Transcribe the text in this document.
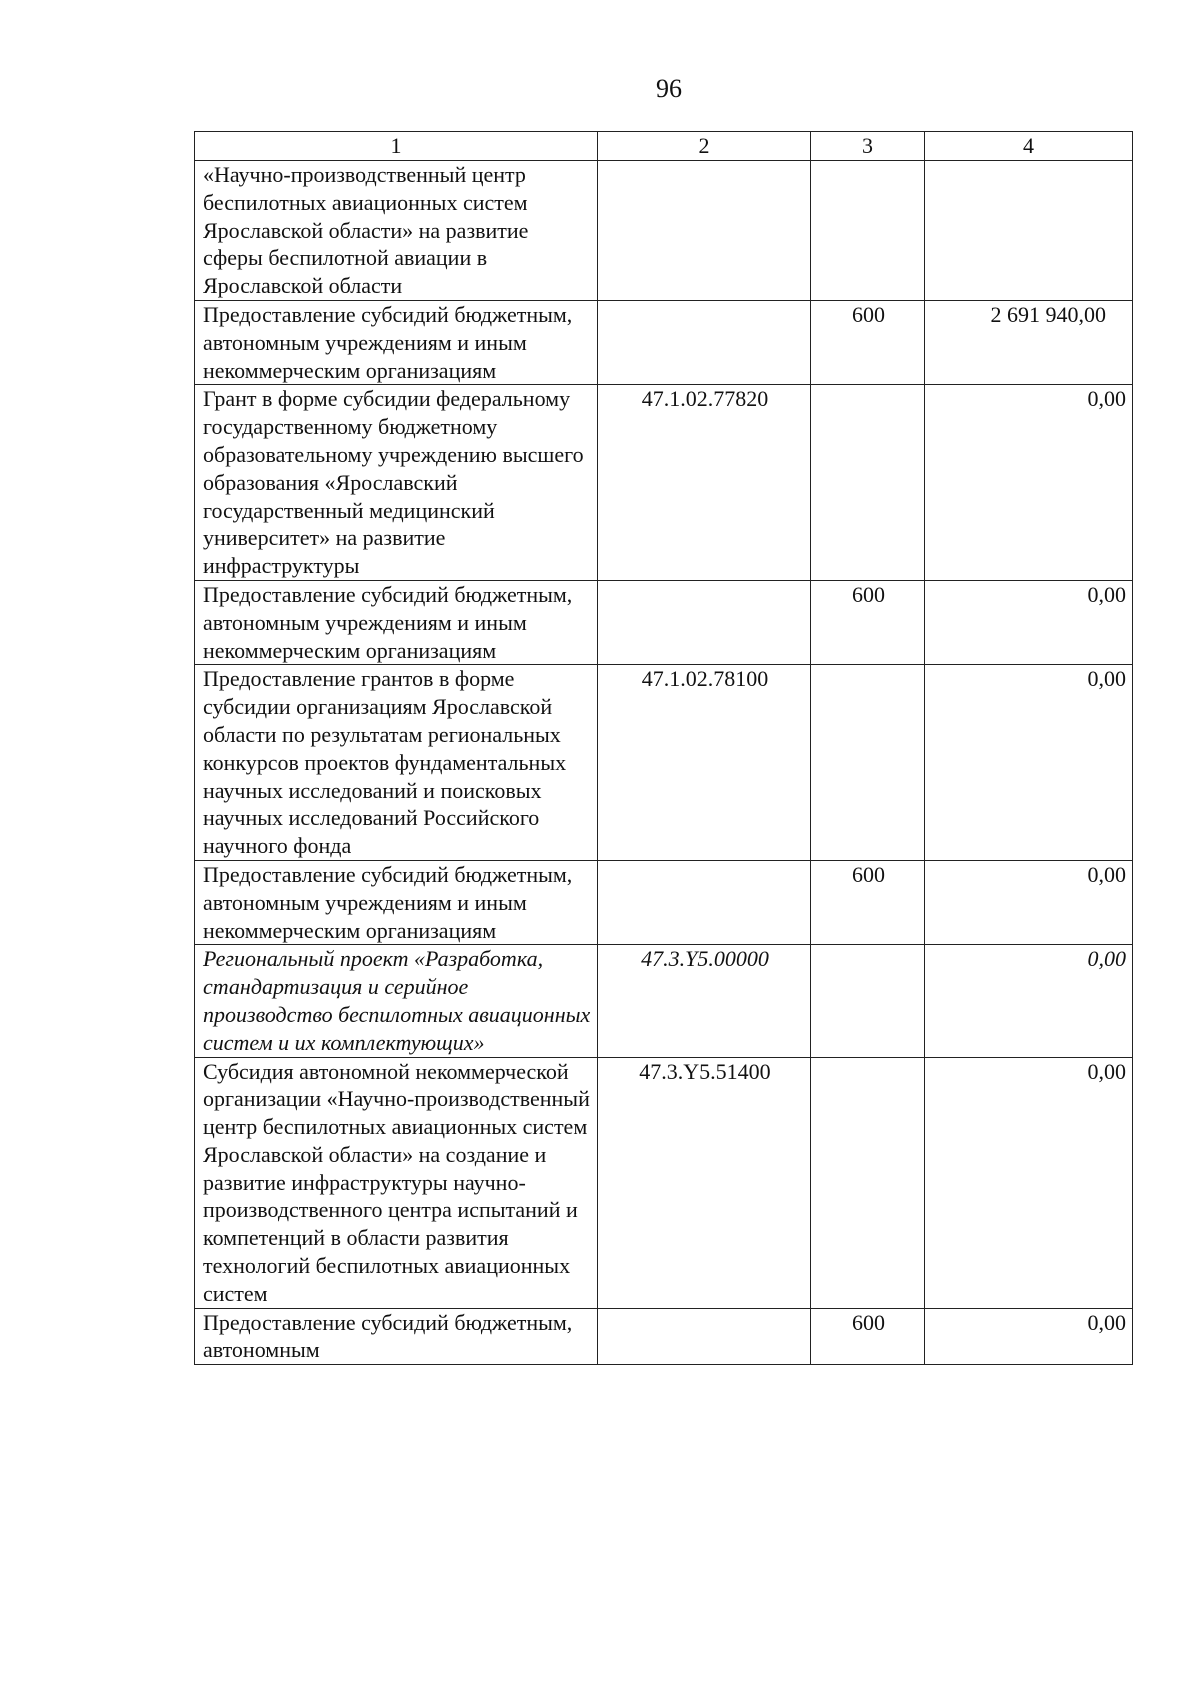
96
1	2	3	4
«Научно-производственный центр беспилотных авиационных систем Ярославской области» на развитие сферы беспилотной авиации в Ярославской области			
Предоставление субсидий бюджетным, автономным учреждениям и иным некоммерческим организациям		600	2 691 940,00
Грант в форме субсидии федеральному государственному бюджетному образовательному учреждению высшего образования «Ярославский государственный медицинский университет» на развитие инфраструктуры	47.1.02.77820		0,00
Предоставление субсидий бюджетным, автономным учреждениям и иным некоммерческим организациям		600	0,00
Предоставление грантов в форме субсидии организациям Ярославской области по результатам региональных конкурсов проектов фундаментальных научных исследований и поисковых научных исследований Российского научного фонда	47.1.02.78100		0,00
Предоставление субсидий бюджетным, автономным учреждениям и иным некоммерческим организациям		600	0,00
Региональный проект «Разработка, стандартизация и серийное производство беспилотных авиационных систем и их комплектующих»	47.3.Y5.00000		0,00
Субсидия автономной некоммерческой организации «Научно-производственный центр беспилотных авиационных систем Ярославской области» на создание и развитие инфраструктуры научно-производственного центра испытаний и компетенций в области развития технологий беспилотных авиационных систем	47.3.Y5.51400		0,00
Предоставление субсидий бюджетным, автономным		600	0,00
